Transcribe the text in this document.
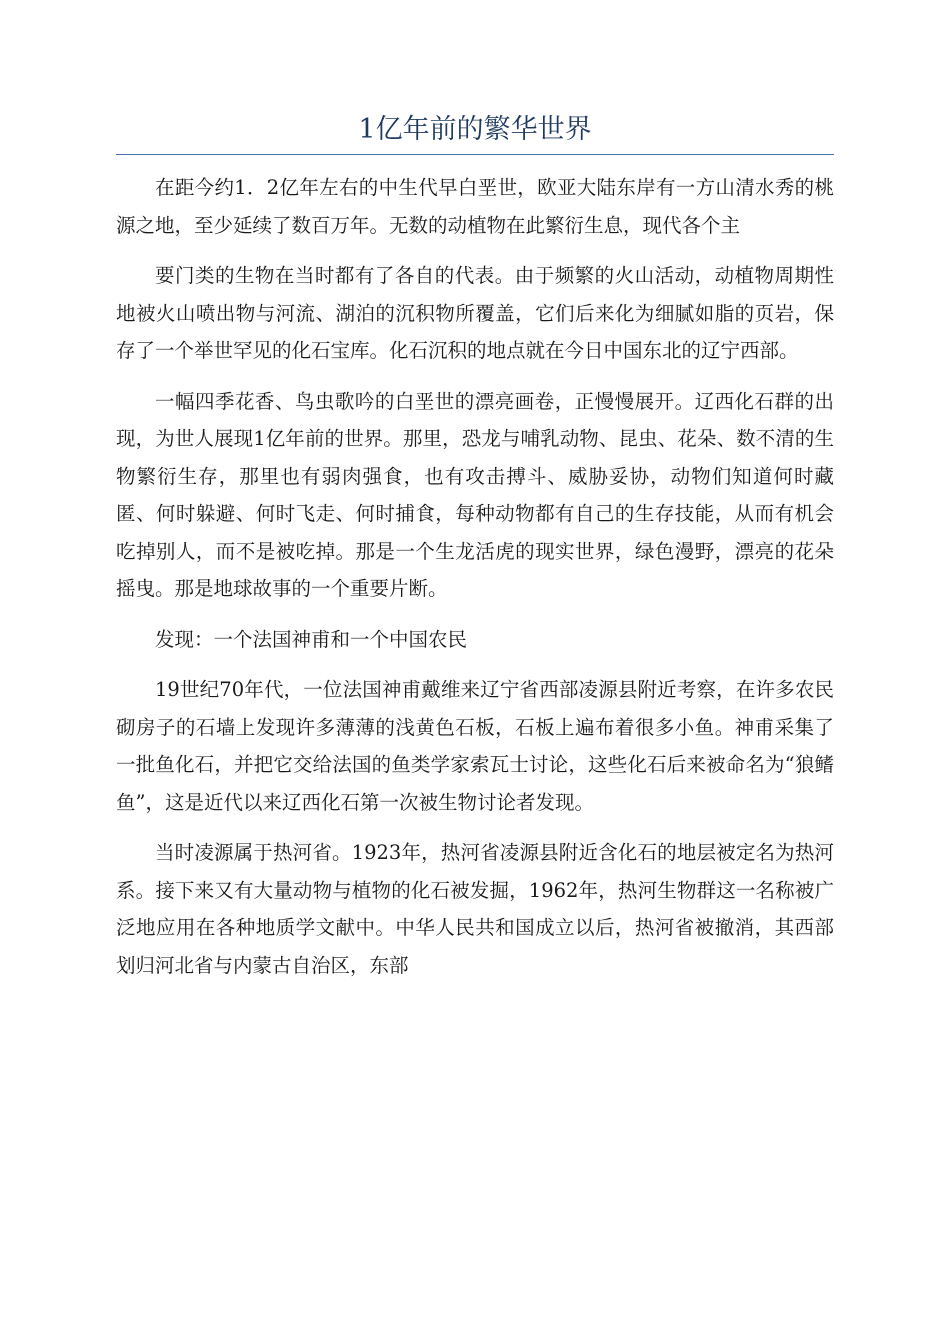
1亿年前的繁华世界

在距今约1．2亿年左右的中生代早白垩世，欧亚大陆东岸有一方山清水秀的桃源之地，至少延续了数百万年。无数的动植物在此繁衍生息，现代各个主

要门类的生物在当时都有了各自的代表。由于频繁的火山活动，动植物周期性地被火山喷出物与河流、湖泊的沉积物所覆盖，它们后来化为细腻如脂的页岩，保存了一个举世罕见的化石宝库。化石沉积的地点就在今日中国东北的辽宁西部。

一幅四季花香、鸟虫歌吟的白垩世的漂亮画卷，正慢慢展开。辽西化石群的出现，为世人展现1亿年前的世界。那里，恐龙与哺乳动物、昆虫、花朵、数不清的生物繁衍生存，那里也有弱肉强食，也有攻击搏斗、威胁妥协，动物们知道何时藏匿、何时躲避、何时飞走、何时捕食，每种动物都有自己的生存技能，从而有机会吃掉别人，而不是被吃掉。那是一个生龙活虎的现实世界，绿色漫野，漂亮的花朵摇曳。那是地球故事的一个重要片断。

发现：一个法国神甫和一个中国农民

19世纪70年代，一位法国神甫戴维来辽宁省西部凌源县附近考察，在许多农民砌房子的石墙上发现许多薄薄的浅黄色石板，石板上遍布着很多小鱼。神甫采集了一批鱼化石，并把它交给法国的鱼类学家索瓦士讨论，这些化石后来被命名为“狼鳍鱼”，这是近代以来辽西化石第一次被生物讨论者发现。

当时凌源属于热河省。1923年，热河省凌源县附近含化石的地层被定名为热河系。接下来又有大量动物与植物的化石被发掘，1962年，热河生物群这一名称被广泛地应用在各种地质学文献中。中华人民共和国成立以后，热河省被撤消，其西部划归河北省与内蒙古自治区，东部
